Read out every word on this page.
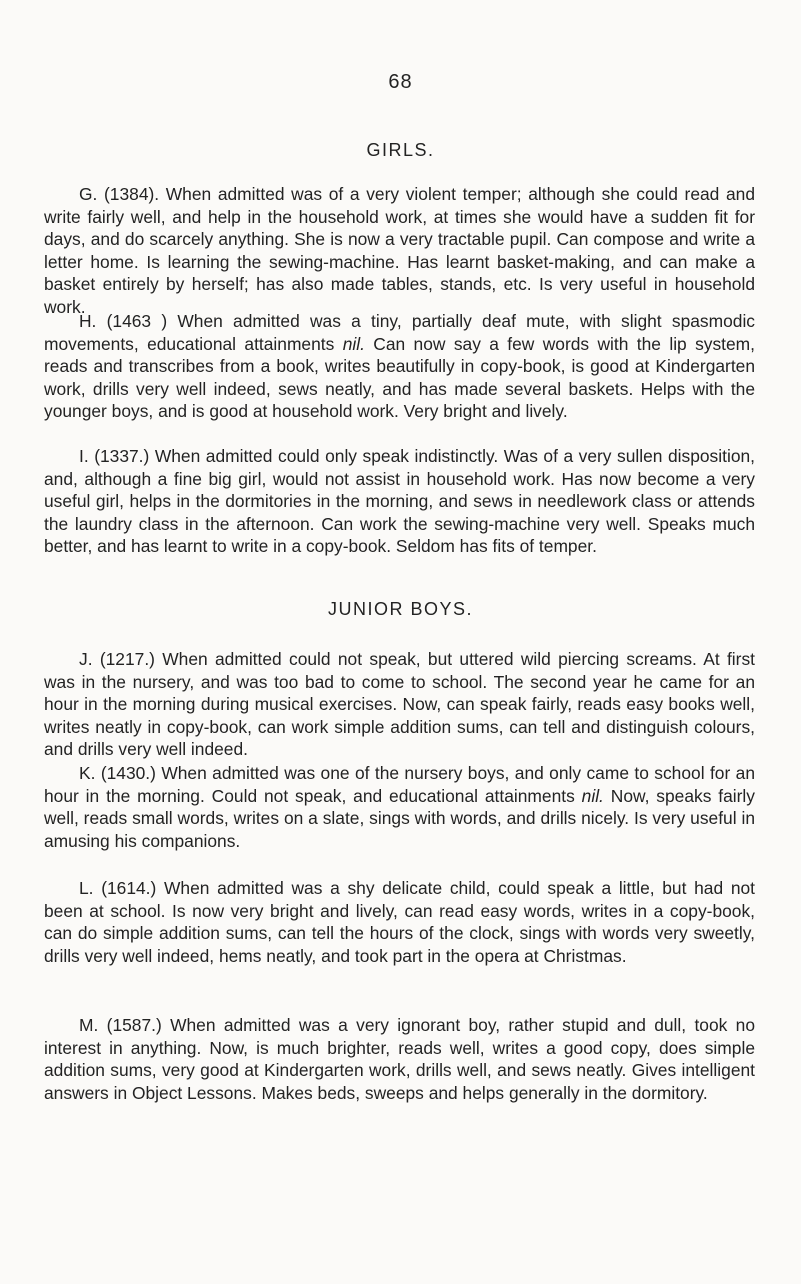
68
GIRLS.

G. (1384). When admitted was of a very violent temper; although she could read and write fairly well, and help in the household work, at times she would have a sudden fit for days, and do scarcely anything. She is now a very tractable pupil. Can compose and write a letter home. Is learning the sewing-machine. Has learnt basket-making, and can make a basket entirely by herself; has also made tables, stands, etc. Is very useful in household work.

H. (1463 ) When admitted was a tiny, partially deaf mute, with slight spasmodic movements, educational attainments nil. Can now say a few words with the lip system, reads and transcribes from a book, writes beautifully in copy-book, is good at Kindergarten work, drills very well indeed, sews neatly, and has made several baskets. Helps with the younger boys, and is good at household work. Very bright and lively.

I. (1337.) When admitted could only speak indistinctly. Was of a very sullen disposition, and, although a fine big girl, would not assist in household work. Has now become a very useful girl, helps in the dormitories in the morning, and sews in needlework class or attends the laundry class in the afternoon. Can work the sewing-machine very well. Speaks much better, and has learnt to write in a copy-book. Seldom has fits of temper.

JUNIOR BOYS.

J. (1217.) When admitted could not speak, but uttered wild piercing screams. At first was in the nursery, and was too bad to come to school. The second year he came for an hour in the morning during musical exercises. Now, can speak fairly, reads easy books well, writes neatly in copy-book, can work simple addition sums, can tell and distinguish colours, and drills very well indeed.

K. (1430.) When admitted was one of the nursery boys, and only came to school for an hour in the morning. Could not speak, and educational attainments nil. Now, speaks fairly well, reads small words, writes on a slate, sings with words, and drills nicely. Is very useful in amusing his companions.

L. (1614.) When admitted was a shy delicate child, could speak a little, but had not been at school. Is now very bright and lively, can read easy words, writes in a copy-book, can do simple addition sums, can tell the hours of the clock, sings with words very sweetly, drills very well indeed, hems neatly, and took part in the opera at Christmas.

M. (1587.) When admitted was a very ignorant boy, rather stupid and dull, took no interest in anything. Now, is much brighter, reads well, writes a good copy, does simple addition sums, very good at Kindergarten work, drills well, and sews neatly. Gives intelligent answers in Object Lessons. Makes beds, sweeps and helps generally in the dormitory.
